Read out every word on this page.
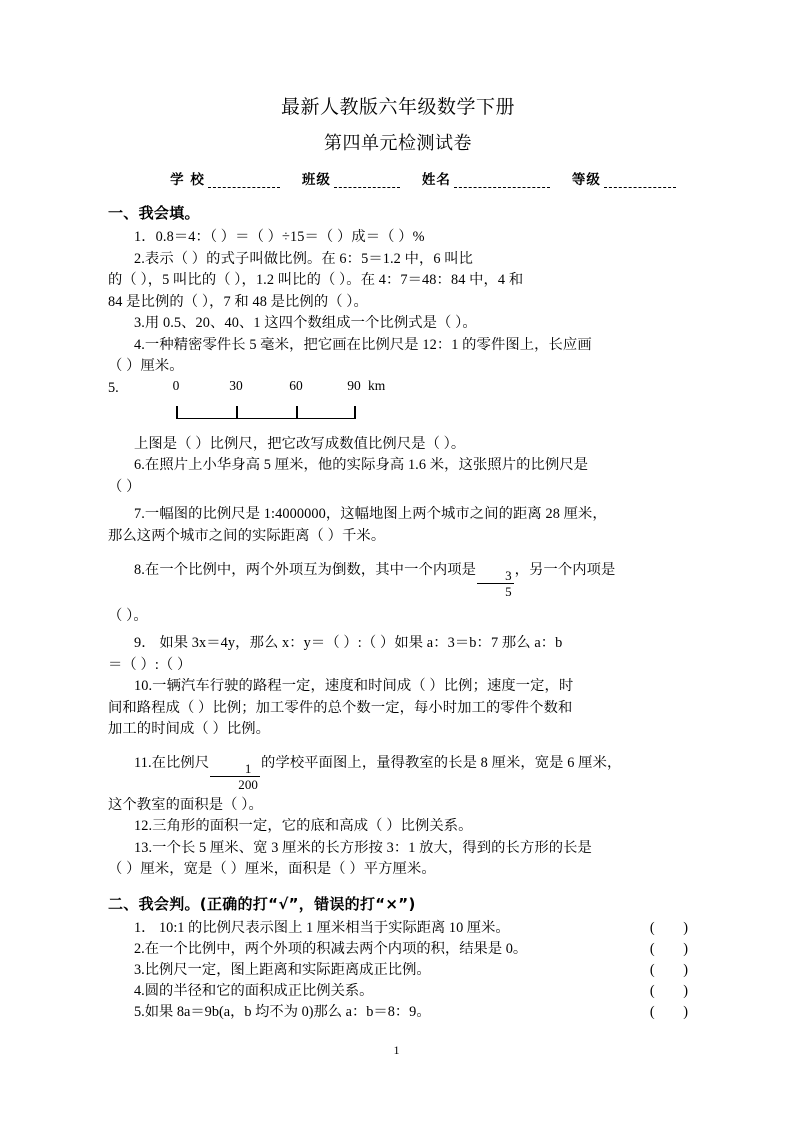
最新人教版六年级数学下册
第四单元检测试卷
学 校	班级	姓名	等级
一、我会填。

1．0.8＝4：（ ）＝（ ）÷15＝（ ）成＝（ ）%

2.表示（ ）的式子叫做比例。在 6：5＝1.2 中，6 叫比

的（ ），5 叫比的（ ），1.2 叫比的（ ）。在 4：7＝48：84 中，4 和

84 是比例的（ ），7 和 48 是比例的（ ）。

3.用 0.5、20、40、1 这四个数组成一个比例式是（ ）。

4.一种精密零件长 5 毫米，把它画在比例尺是 12：1 的零件图上，长应画

（ ）厘米。

5.	0	30	60	90 km

上图是（ ）比例尺，把它改写成数值比例尺是（ ）。

6.在照片上小华身高 5 厘米，他的实际身高 1.6 米，这张照片的比例尺是

（ ）

7.一幅图的比例尺是 1:4000000，这幅地图上两个城市之间的距离 28 厘米，

那么这两个城市之间的实际距离（ ）千米。

8.在一个比例中，两个外项互为倒数，其中一个内项是 $\frac{3}{5}$ ，另一个内项是

（ ）。

9． 如果 3x＝4y，那么 x：y＝（ ）:（ ）如果 a：3＝b：7 那么 a：b

＝（ ）:（ ）

10.一辆汽车行驶的路程一定，速度和时间成（ ）比例；速度一定，时

间和路程成（ ）比例；加工零件的总个数一定，每小时加工的零件个数和

加工的时间成（ ）比例。

11.在比例尺 $\frac{1}{200}$ 的学校平面图上，量得教室的长是 8 厘米，宽是 6 厘米，

这个教室的面积是（ ）。

12.三角形的面积一定，它的底和高成（ ）比例关系。

13.一个长 5 厘米、宽 3 厘米的长方形按 3：1 放大，得到的长方形的长是

（ ）厘米，宽是（ ）厘米，面积是（ ）平方厘米。

二、我会判。(正确的打“√”，错误的打“×”)
1． 10:1 的比例尺表示图上 1 厘米相当于实际距离 10 厘米。	(        )
2.在一个比例中，两个外项的积减去两个内项的积，结果是 0。	(        )
3.比例尺一定，图上距离和实际距离成正比例。	(        )
4.圆的半径和它的面积成正比例关系。	(        )
5.如果 8a＝9b(a，b 均不为 0)那么 a：b＝8：9。	(        )
1
